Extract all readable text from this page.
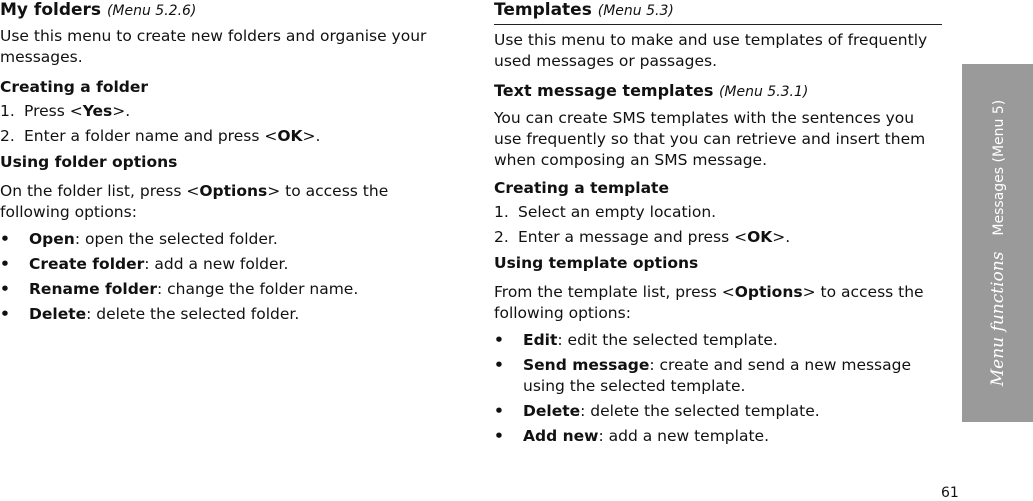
My folders (Menu 5.2.6)

Use this menu to create new folders and organise your messages.

Creating a folder

1. Press <Yes>.
2. Enter a folder name and press <OK>.

Using folder options

On the folder list, press <Options> to access the following options:

• Open: open the selected folder.
• Create folder: add a new folder.
• Rename folder: change the folder name.
• Delete: delete the selected folder.

Templates (Menu 5.3)

Use this menu to make and use templates of frequently used messages or passages.

Text message templates (Menu 5.3.1)

You can create SMS templates with the sentences you use frequently so that you can retrieve and insert them when composing an SMS message.

Creating a template

1. Select an empty location.
2. Enter a message and press <OK>.

Using template options

From the template list, press <Options> to access the following options:

• Edit: edit the selected template.
• Send message: create and send a new message using the selected template.
• Delete: delete the selected template.
• Add new: add a new template.
Menu functionsMessages (Menu 5)
61
